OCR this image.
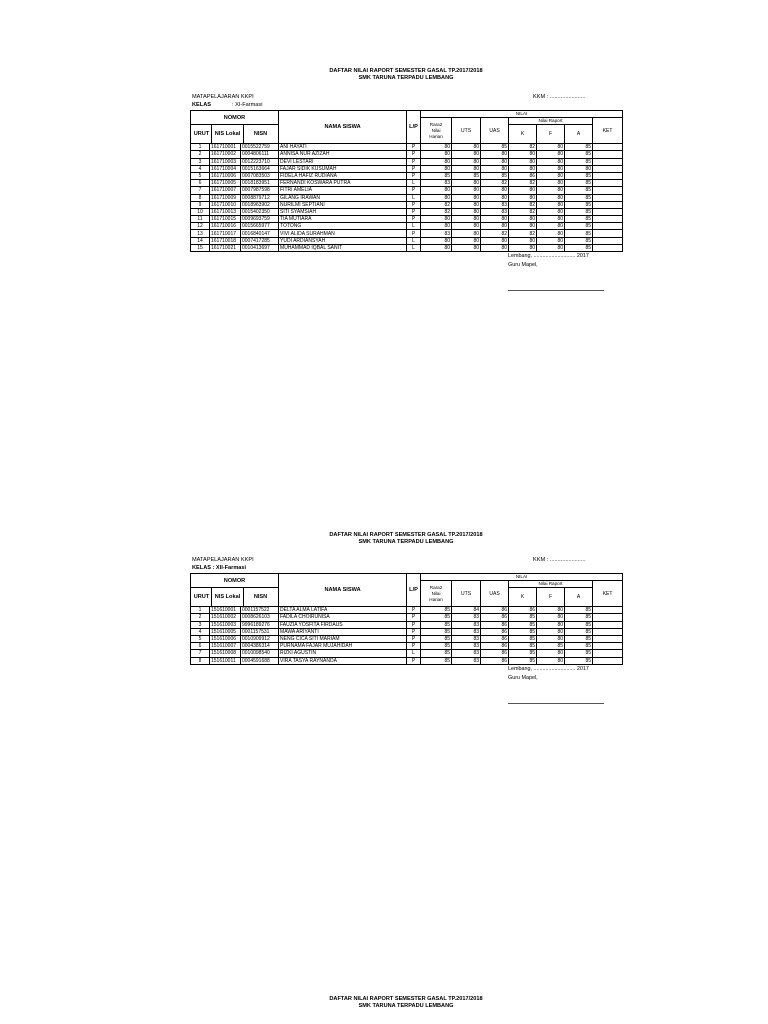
DAFTAR NILAI RAPORT SEMESTER GASAL TP.2017/2018
SMK TARUNA TERPADU LEMBANG
MATAPELAJARAN KKPI	KKM : .......................
KELAS	: XI-Farmasi
NOMOR	NAMA SISWA	L/P	NILAI

Rara2
Nilai
Harian
	UTS	UAS	Nilai Raport	KET

URUT	NIS Lokal	NISN
		K	F	A

1	161710001	0015522759	ANI HAYATI	P	80	80	85	82	80	85	
2	161710002	0004806111	ANNISA NUR AZIZAH	P	80	80	80	80	80	85	
3	161710003	0012223710	DEVI LESTARI	P	80	80	80	80	80	85	
4	161710004	0015163664	FAJAR SIDIK KUSUMAH	P	80	80	80	80	80	80	
5	161710006	0007083503	FIDELA HAFIZ RUDIANA	P	85	85	85	86	80	85	
6	161710005	0018183951	FERNANDI KOSWARA PUTRA	L	83	80	82	82	80	85	
7	161710007	0007987598	FITRI AMELIA	P	80	80	80	80	80	85	
8	161710009	0008879712	GILANG IRAWAN	L	80	80	80	80	80	85	
9	161710010	0018963902	NURILMI SEPTIANI	P	82	80	83	82	80	85	
10	161710013	0015402350	SITI SYAMSIAH	P	82	80	83	82	80	85	
11	161710015	0009693759	TIA MUTIARA	P	80	80	80	80	80	85	
12	161710016	0015665977	TOTONG	L	80	80	80	80	80	85	
13	161710017	0016840147	VIVI ALIDA SURAHMAN	P	83	80	82	82	80	85	
14	161710018	0007417285	YUDI ARDIANSYAH	L	80	80	80	80	80	85	
15	161710021	0010413697	MUHAMMAD IQBAL SANIT	L	80	80	80	80	80	85	
Lembang, ............................ 2017
Guru Mapel,
DAFTAR NILAI RAPORT SEMESTER GASAL TP.2017/2018
SMK TARUNA TERPADU LEMBANG
MATAPELAJARAN KKPI	KKM : .......................
KELAS : XII-Farmasi
NOMOR	NAMA SISWA	L/P	NILAI

Rara2
Nilai
Harian
	UTS	UAS	Nilai Raport	KET

URUT	NIS Lokal	NISN
		K	F	A

1	151610001	0001157522	DELTA ALMA LATIFA	P	85	84	86	86	80	85	
2	151610002	0008626103	FADILA CHOIRUNISA	P	85	83	86	85	80	85	
3	151610003	9996189276	FAUZIA YOSFITA FIRDAUS	P	85	83	86	85	80	85	
4	151610005	0001157531	MAWA ARIYANTI	P	85	83	86	85	80	85	
5	151610006	0010909912	NENG CICA SITI MARIAM	P	85	83	86	85	80	85	
6	151610007	0004386314	PURNAMA FAJAR MUJAHIDAH	P	85	83	86	85	85	85	
7	151610008	0010098540	RIZKI AGUSTIN	L	85	83	86	85	80	85	
8	151610011	0004591688	VIRA TASYA RAYNANDA	P	85	83	86	85	80	85	
Lembang, ............................ 2017
Guru Mapel,
DAFTAR NILAI RAPORT SEMESTER GASAL TP.2017/2018
SMK TARUNA TERPADU LEMBANG
